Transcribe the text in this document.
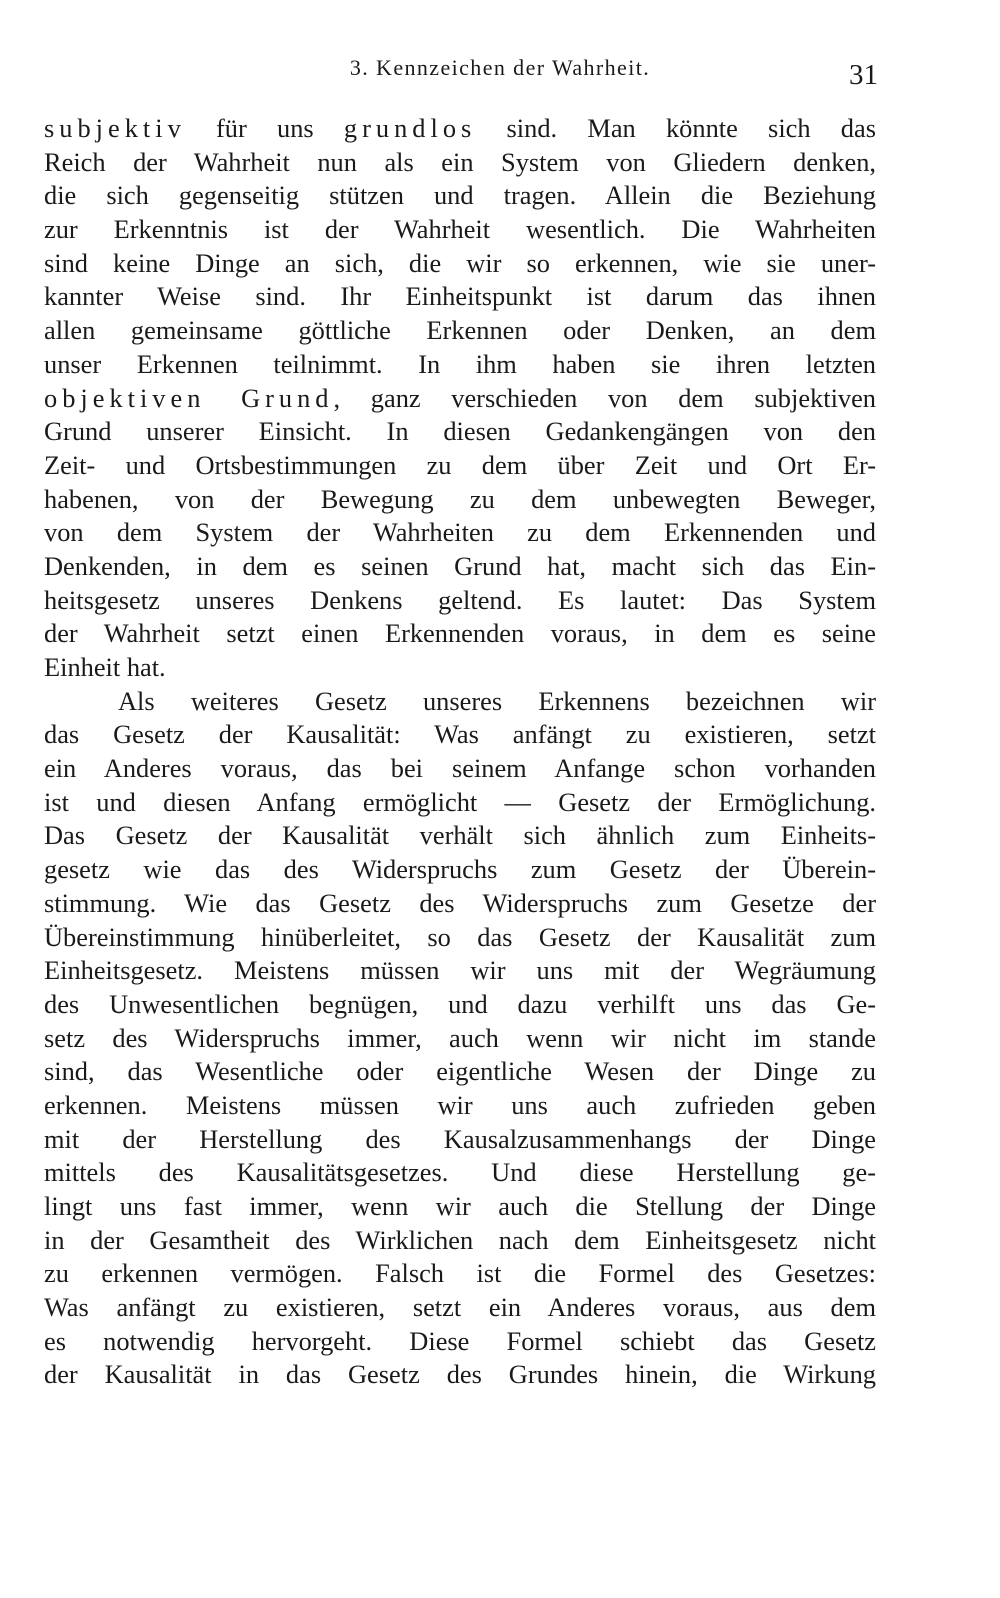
3. Kennzeichen der Wahrheit.	31
subjektiv für uns grundlos sind. Man könnte sich das
Reich der Wahrheit nun als ein System von Gliedern denken,
die sich gegenseitig stützen und tragen. Allein die Beziehung
zur Erkenntnis ist der Wahrheit wesentlich. Die Wahrheiten
sind keine Dinge an sich, die wir so erkennen, wie sie uner-
kannter Weise sind. Ihr Einheitspunkt ist darum das ihnen
allen gemeinsame göttliche Erkennen oder Denken, an dem
unser Erkennen teilnimmt. In ihm haben sie ihren letzten
objektiven Grund, ganz verschieden von dem subjektiven
Grund unserer Einsicht. In diesen Gedankengängen von den
Zeit- und Ortsbestimmungen zu dem über Zeit und Ort Er-
habenen, von der Bewegung zu dem unbewegten Beweger,
von dem System der Wahrheiten zu dem Erkennenden und
Denkenden, in dem es seinen Grund hat, macht sich das Ein-
heitsgesetz unseres Denkens geltend. Es lautet: Das System
der Wahrheit setzt einen Erkennenden voraus, in dem es seine
Einheit hat.
Als weiteres Gesetz unseres Erkennens bezeichnen wir
das Gesetz der Kausalität: Was anfängt zu existieren, setzt
ein Anderes voraus, das bei seinem Anfange schon vorhanden
ist und diesen Anfang ermöglicht — Gesetz der Ermöglichung.
Das Gesetz der Kausalität verhält sich ähnlich zum Einheits-
gesetz wie das des Widerspruchs zum Gesetz der Überein-
stimmung. Wie das Gesetz des Widerspruchs zum Gesetze der
Übereinstimmung hinüberleitet, so das Gesetz der Kausalität zum
Einheitsgesetz. Meistens müssen wir uns mit der Wegräumung
des Unwesentlichen begnügen, und dazu verhilft uns das Ge-
setz des Widerspruchs immer, auch wenn wir nicht im stande
sind, das Wesentliche oder eigentliche Wesen der Dinge zu
erkennen. Meistens müssen wir uns auch zufrieden geben
mit der Herstellung des Kausalzusammenhangs der Dinge
mittels des Kausalitätsgesetzes. Und diese Herstellung ge-
lingt uns fast immer, wenn wir auch die Stellung der Dinge
in der Gesamtheit des Wirklichen nach dem Einheitsgesetz nicht
zu erkennen vermögen. Falsch ist die Formel des Gesetzes:
Was anfängt zu existieren, setzt ein Anderes voraus, aus dem
es notwendig hervorgeht. Diese Formel schiebt das Gesetz
der Kausalität in das Gesetz des Grundes hinein, die Wirkung
